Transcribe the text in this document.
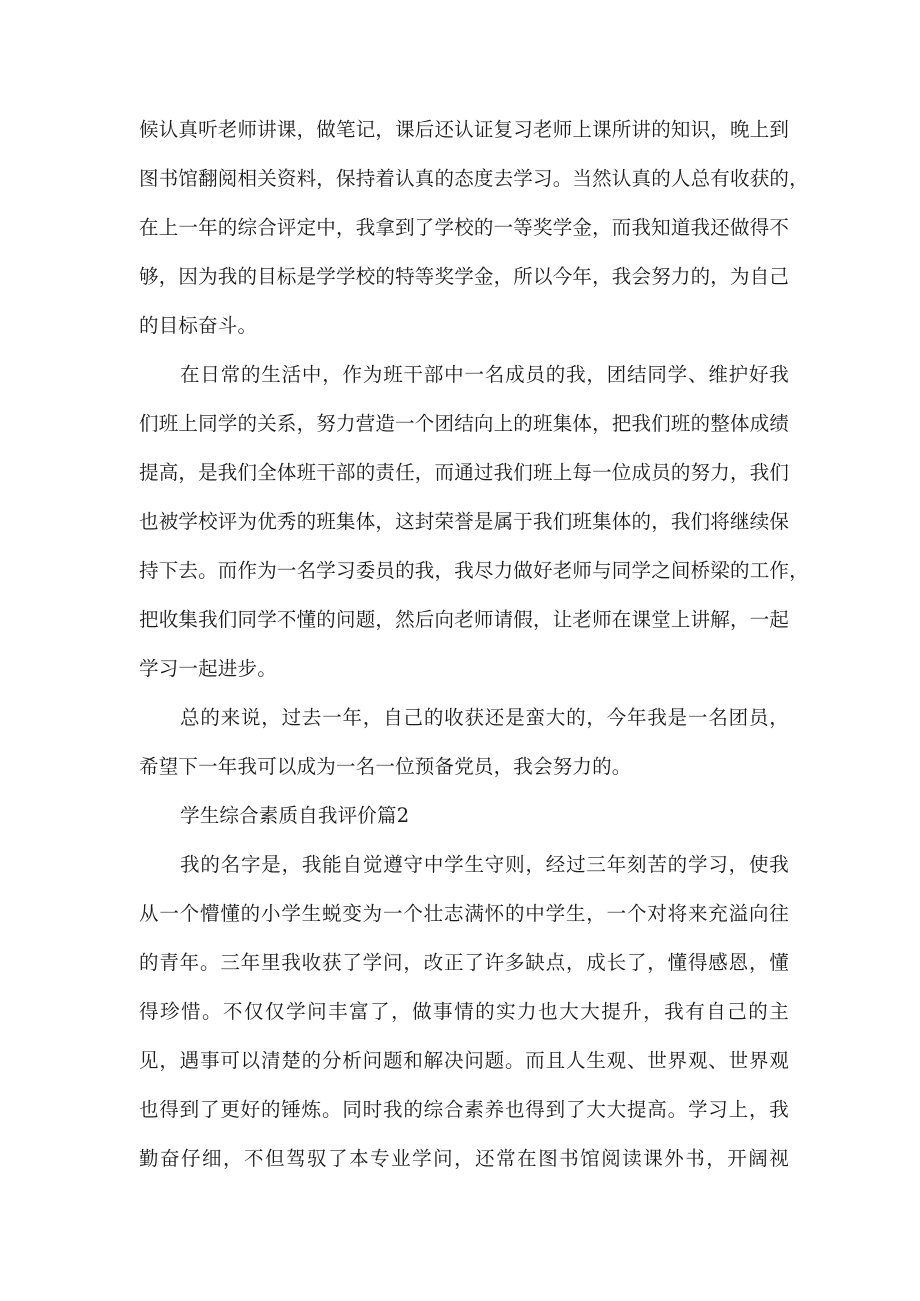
候认真听老师讲课，做笔记，课后还认证复习老师上课所讲的知识，晚上到
图书馆翻阅相关资料，保持着认真的态度去学习。当然认真的人总有收获的，
在上一年的综合评定中，我拿到了学校的一等奖学金，而我知道我还做得不
够，因为我的目标是学学校的特等奖学金，所以今年，我会努力的，为自己
的目标奋斗。
在日常的生活中，作为班干部中一名成员的我，团结同学、维护好我
们班上同学的关系，努力营造一个团结向上的班集体，把我们班的整体成绩
提高，是我们全体班干部的责任，而通过我们班上每一位成员的努力，我们
也被学校评为优秀的班集体，这封荣誉是属于我们班集体的，我们将继续保
持下去。而作为一名学习委员的我，我尽力做好老师与同学之间桥梁的工作，
把收集我们同学不懂的问题，然后向老师请假，让老师在课堂上讲解，一起
学习一起进步。
总的来说，过去一年，自己的收获还是蛮大的，今年我是一名团员，
希望下一年我可以成为一名一位预备党员，我会努力的。
学生综合素质自我评价篇2
我的名字是，我能自觉遵守中学生守则，经过三年刻苦的学习，使我
从一个懵懂的小学生蜕变为一个壮志满怀的中学生，一个对将来充溢向往
的青年。三年里我收获了学问，改正了许多缺点，成长了，懂得感恩，懂
得珍惜。不仅仅学问丰富了，做事情的实力也大大提升，我有自己的主
见，遇事可以清楚的分析问题和解决问题。而且人生观、世界观、世界观
也得到了更好的锤炼。同时我的综合素养也得到了大大提高。学习上，我
勤奋仔细，不但驾驭了本专业学问，还常在图书馆阅读课外书，开阔视
